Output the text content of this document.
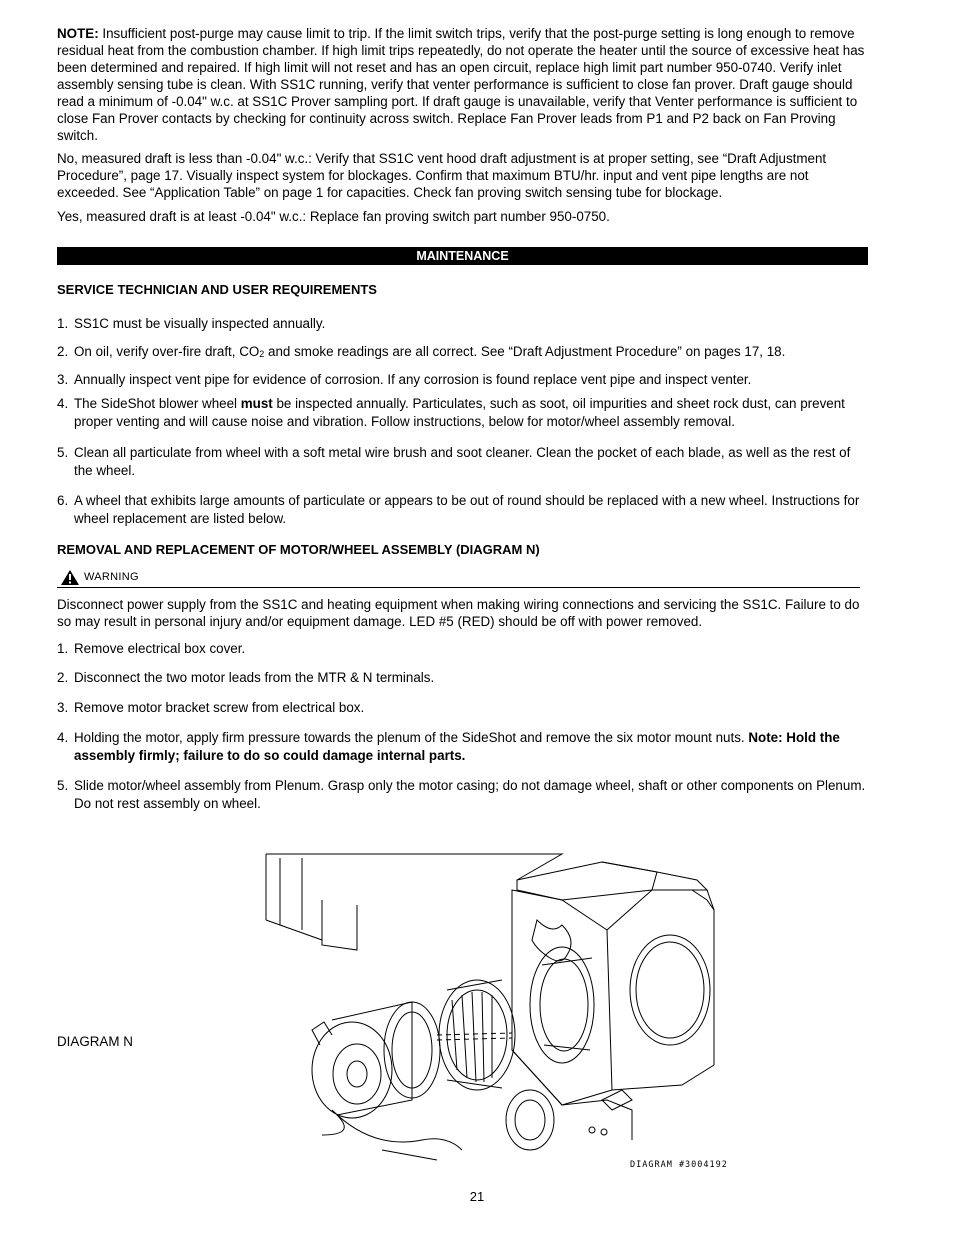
NOTE: Insufficient post-purge may cause limit to trip. If the limit switch trips, verify that the post-purge setting is long enough to remove residual heat from the combustion chamber. If high limit trips repeatedly, do not operate the heater until the source of excessive heat has been determined and repaired. If high limit will not reset and has an open circuit, replace high limit part number 950-0740. Verify inlet assembly sensing tube is clean. With SS1C running, verify that venter performance is sufficient to close fan prover. Draft gauge should read a minimum of -0.04" w.c. at SS1C Prover sampling port. If draft gauge is unavailable, verify that Venter performance is sufficient to close Fan Prover contacts by checking for continuity across switch. Replace Fan Prover leads from P1 and P2 back on Fan Proving switch.

No, measured draft is less than -0.04" w.c.: Verify that SS1C vent hood draft adjustment is at proper setting, see “Draft Adjustment Procedure”, page 17. Visually inspect system for blockages. Confirm that maximum BTU/hr. input and vent pipe lengths are not exceeded. See “Application Table” on page 1 for capacities. Check fan proving switch sensing tube for blockage.

Yes, measured draft is at least -0.04" w.c.: Replace fan proving switch part number 950-0750.

MAINTENANCE
SERVICE TECHNICIAN AND USER REQUIREMENTS
1. SS1C must be visually inspected annually.
2. On oil, verify over-fire draft, $CO_2$ and smoke readings are all correct. See “Draft Adjustment Procedure” on pages 17, 18.
3. Annually inspect vent pipe for evidence of corrosion. If any corrosion is found replace vent pipe and inspect venter.
4. The SideShot blower wheel must be inspected annually. Particulates, such as soot, oil impurities and sheet rock dust, can prevent proper venting and will cause noise and vibration. Follow instructions, below for motor/wheel assembly removal.
5. Clean all particulate from wheel with a soft metal wire brush and soot cleaner. Clean the pocket of each blade, as well as the rest of the wheel.
6. A wheel that exhibits large amounts of particulate or appears to be out of round should be replaced with a new wheel. Instructions for wheel replacement are listed below.
REMOVAL AND REPLACEMENT OF MOTOR/WHEEL ASSEMBLY (DIAGRAM N)
WARNING

Disconnect power supply from the SS1C and heating equipment when making wiring connections and servicing the SS1C. Failure to do so may result in personal injury and/or equipment damage. LED #5 (RED) should be off with power removed.

1. Remove electrical box cover.
2. Disconnect the two motor leads from the MTR & N terminals.
3. Remove motor bracket screw from electrical box.
4. Holding the motor, apply firm pressure towards the plenum of the SideShot and remove the six motor mount nuts. Note: Hold the assembly firmly; failure to do so could damage internal parts.
5. Slide motor/wheel assembly from Plenum. Grasp only the motor casing; do not damage wheel, shaft or other components on Plenum. Do not rest assembly on wheel.
DIAGRAM N
DIAGRAM #3004192
21
